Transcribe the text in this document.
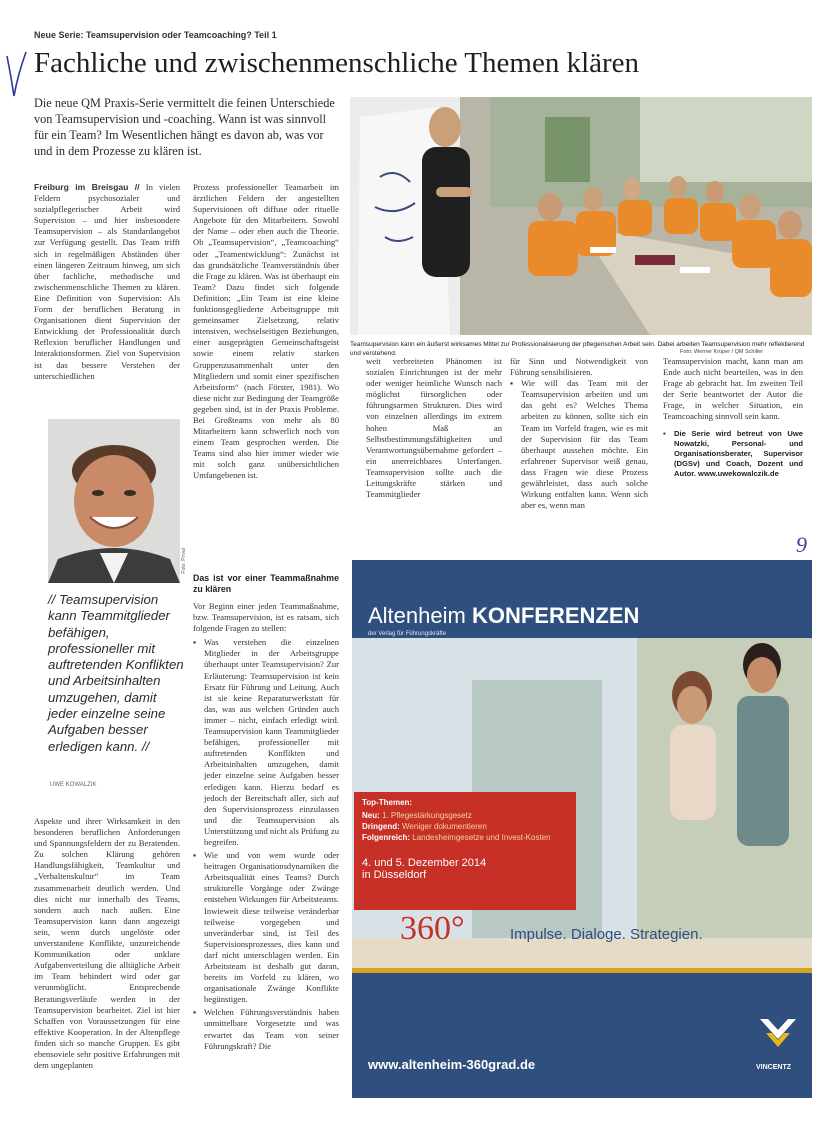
Neue Serie: Teamsupervision oder Teamcoaching? Teil 1
Fachliche und zwischenmenschliche Themen klären
Die neue QM Praxis-Serie vermittelt die feinen Unterschiede von Teamsupervision und -coaching. Wann ist was sinnvoll für ein Team? Im Wesentlichen hängt es davon ab, was vor und in dem Prozesse zu klären ist.
Freiburg im Breisgau // In vielen Feldern psychosozialer und sozialpflegerischer Arbeit wird Supervision – und hier insbesondere Teamsupervision – als Standardangebot zur Verfügung gestellt. Das Team trifft sich in regelmäßigen Abständen über einen längeren Zeitraum hinweg, um sich über fachliche, methodische und zwischenmenschliche Themen zu klären. Eine Definition von Supervision: Als Form der beruflichen Beratung in Organisationen dient Supervision der Entwicklung der Professionalität durch Reflexion beruflicher Handlungen und Interaktionsformen. Ziel von Supervision ist das bessere Verstehen der unterschiedlichen
Prozess professioneller Teamarbeit im ärztlichen Feldern der angestellten Supervisionen oft diffuse oder rituelle Angebote für den Mitarbeitern. Sowohl der Name – oder eben auch die Theorie. Ob „Teamsupervision“, „Teamcoaching“ oder „Teamentwicklung“: Zunächst ist das grundsätzliche Teamverständnis über die Frage zu klären. Was ist überhaupt ein Team? Dazu findet sich folgende Definition: „Ein Team ist eine kleine funktionsgegliederte Arbeitsgruppe mit gemeinsamer Zielsetzung, relativ intensiven, wechselseitigen Beziehungen, einer ausgeprägten Gemeinschaftsgeist sowie einem relativ starken Gruppenzusammenhalt unter den Mitgliedern und somit einer spezifischen Arbeitsform“ (nach Förster, 1981). Wo diese nicht zur Bedingung der Teamgröße gegeben sind, ist in der Praxis Probleme. Bei Großteams von mehr als 80 Mitarbeitern kann schwerlich noch von einem Team gesprochen werden. Die Teams sind also hier immer wieder wie mit solch ganz unübersichtlichen Umfangebenen ist.
Das ist vor einer Teammaßnahme zu klären
Vor Beginn einer jeden Teammaßnahme, bzw. Teamsupervision, ist es ratsam, sich folgende Fragen zu stellen:
▪ Was verstehen die einzelnen Mitglieder in der Arbeitsgruppe überhaupt unter Teamsupervision? Zur Erläuterung: Teamsupervision ist kein Ersatz für Führung und Leitung. Auch ist sie keine Reparaturwerkstatt für das, was aus welchen Gründen auch immer – nicht, einfach erledigt wird. Teamsupervision kann Teammitglieder befähigen, professioneller mit auftretenden Konflikten und Arbeitsinhalten umzugehen, damit jeder einzelne seine Aufgaben besser erledigen kann. Hierzu bedarf es jedoch der Bereitschaft aller, sich auf den Supervisionsprozess einzulassen und die Teamsupervision als Unterstützung und nicht als Prüfung zu begreifen.
▪ Wie und von wem wurde oder beitragen Organisationsdynamiken die Arbeitsqualität eines Teams? Durch strukturelle Vorgänge oder Zwänge entstehen Wirkungen für Arbeitsteams. Inwieweit diese teilweise veränderbar teilweise vorgegeben und unveränderbar sind, ist Teil des Supervisionsprozesses, dies kann und darf nicht unterschlagen werden. Ein Arbeitsteam ist deshalb gut daran, bereits im Vorfeld zu klären, wo organisationale Zwänge Konflikte begünstigen.
▪ Welchen Führungsverständnis haben unmittelbare Vorgesetzte und was erwartet das Team von seiner Führungskraft? Die
weit verbreiteten Phänomen ist sozialen Einrichtungen ist der mehr oder weniger heimliche Wunsch nach möglichst fürsorglichen oder führungsarmen Strukturen. Dies wird von einzelnen allerdings im extrem hohen Maß an Selbstbestimmungsfähigkeiten und Verantwortungsübernahme gefordert – ein unerreichbares Unterfangen. Teamsupervision sollte auch die Leitungskräfte stärken und Teammitglieder
für Sinn und Notwendigkeit von Führung sensibilisieren.
▪ Wie will das Team mit der Teamsupervision arbeiten und um das geht es? Welches Thema arbeiten zu können, sollte sich ein Team im Vorfeld fragen, wie es mit der Supervision für das Team überhaupt aussehen möchte. Ein erfahrener Supervisor weiß genau, dass Fragen wie diese Prozess gewährleistet, dass auch solche Wirkung entfalten kann. Wenn sich aber es, wenn man
Teamsupervision macht, kann man am Ende auch nicht beurteilen, was in den Frage ab gebracht hat. Im zweiten Teil der Serie beantwortet der Autor die Frage, in welcher Situation, ein Teamcoaching sinnvoll sein kann.
▪ Die Serie wird betreut von Uwe Nowatzki, Personal- und Organisationsberater, Supervisor (DGSv) und Coach, Dozent und Autor. www.uwekowalczik.de
Aspekte und ihrer Wirksamkeit in den besonderen beruflichen Anforderungen und Spannungsfeldern der zu Beratenden. Zu solchen Klärung gehören Handlungsfähigkeit, Teamkultur und „Verhaltenskultur“ im Team zusammenarbeit deutlich werden. Und dies nicht nur innerhalb des Teams, sondern auch nach außen. Eine Teamsupervision kann dann angezeigt sein, wenn durch ungelöste oder unverstandene Konflikte, unzureichende Kommunikation oder unklare Aufgabenverteilung die alltägliche Arbeit im Team behindert wird oder gar verunmöglicht. Entsprechende Beratungsverläufe werden in der Teamsupervision bearbeitet. Ziel ist hier Schaffen von Voraussetzungen für eine effektive Kooperation. In der Altenpflege finden sich so manche Gruppen. Es gibt ebensoviele sehr positive Erfahrungen mit dem ungeplanten
Teamsupervision kann ein äußerst wirksames Mittel zur Professionalisierung der pflegerischen Arbeit sein. Dabei arbeiten Teamsupervision mehr reflektierend und verstehend.	Foto: Werner Krüper / QM Schiller
Foto: Privat
// Teamsupervision kann Teammitglieder befähigen, professioneller mit auftretenden Konflikten und Arbeitsinhalten umzugehen, damit jeder einzelne seine Aufgaben besser erledigen kann. //
UWE KOWALZIK
9
Altenheim KONFERENZEN
der Verlag für Führungskräfte
Top-Themen:
Neu: 1. Pflegestärkungsgesetz
Dringend: Weniger dokumentieren
Folgenreich: Landesheimgesetze und Invest-Kosten
4. und 5. Dezember 2014
in Düsseldorf
360°	Impulse. Dialoge. Strategien.
www.altenheim-360grad.de	VINCENTZ
